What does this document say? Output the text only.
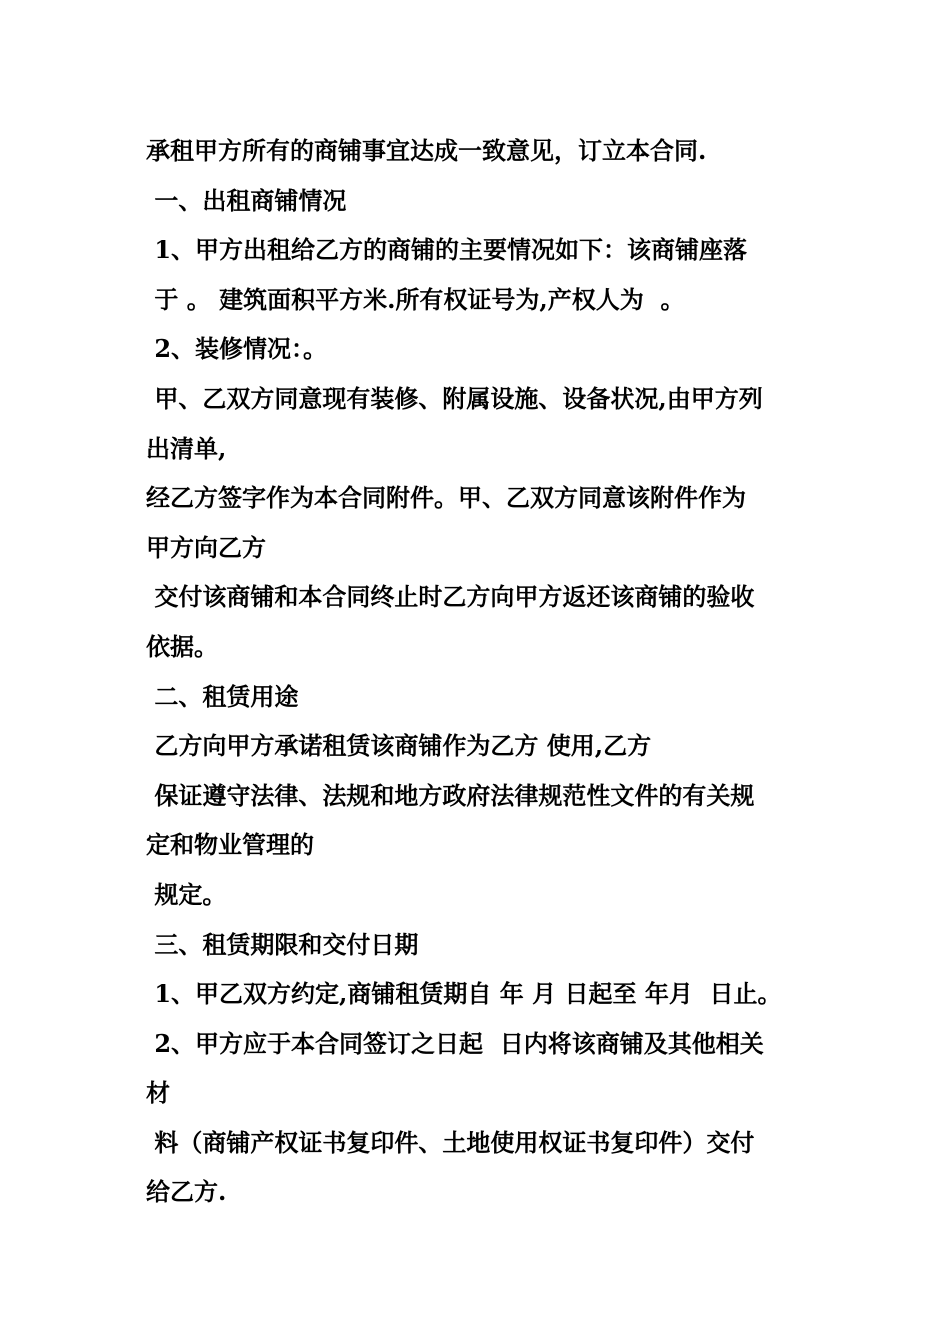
承租甲方所有的商铺事宜达成一致意见，订立本合同.
一、出租商铺情况
1、甲方出租给乙方的商铺的主要情况如下：该商铺座落
于 。 建筑面积平方米.所有权证号为,产权人为  。
2、装修情况：。
甲、乙双方同意现有装修、附属设施、设备状况,由甲方列
出清单,
经乙方签字作为本合同附件。甲、乙双方同意该附件作为
甲方向乙方
交付该商铺和本合同终止时乙方向甲方返还该商铺的验收
依据。
二、租赁用途
乙方向甲方承诺租赁该商铺作为乙方 使用,乙方
保证遵守法律、法规和地方政府法律规范性文件的有关规
定和物业管理的
规定。
三、租赁期限和交付日期
1、甲乙双方约定,商铺租赁期自 年 月 日起至 年月  日止。
2、甲方应于本合同签订之日起  日内将该商铺及其他相关
材
料（商铺产权证书复印件、土地使用权证书复印件）交付
给乙方.
